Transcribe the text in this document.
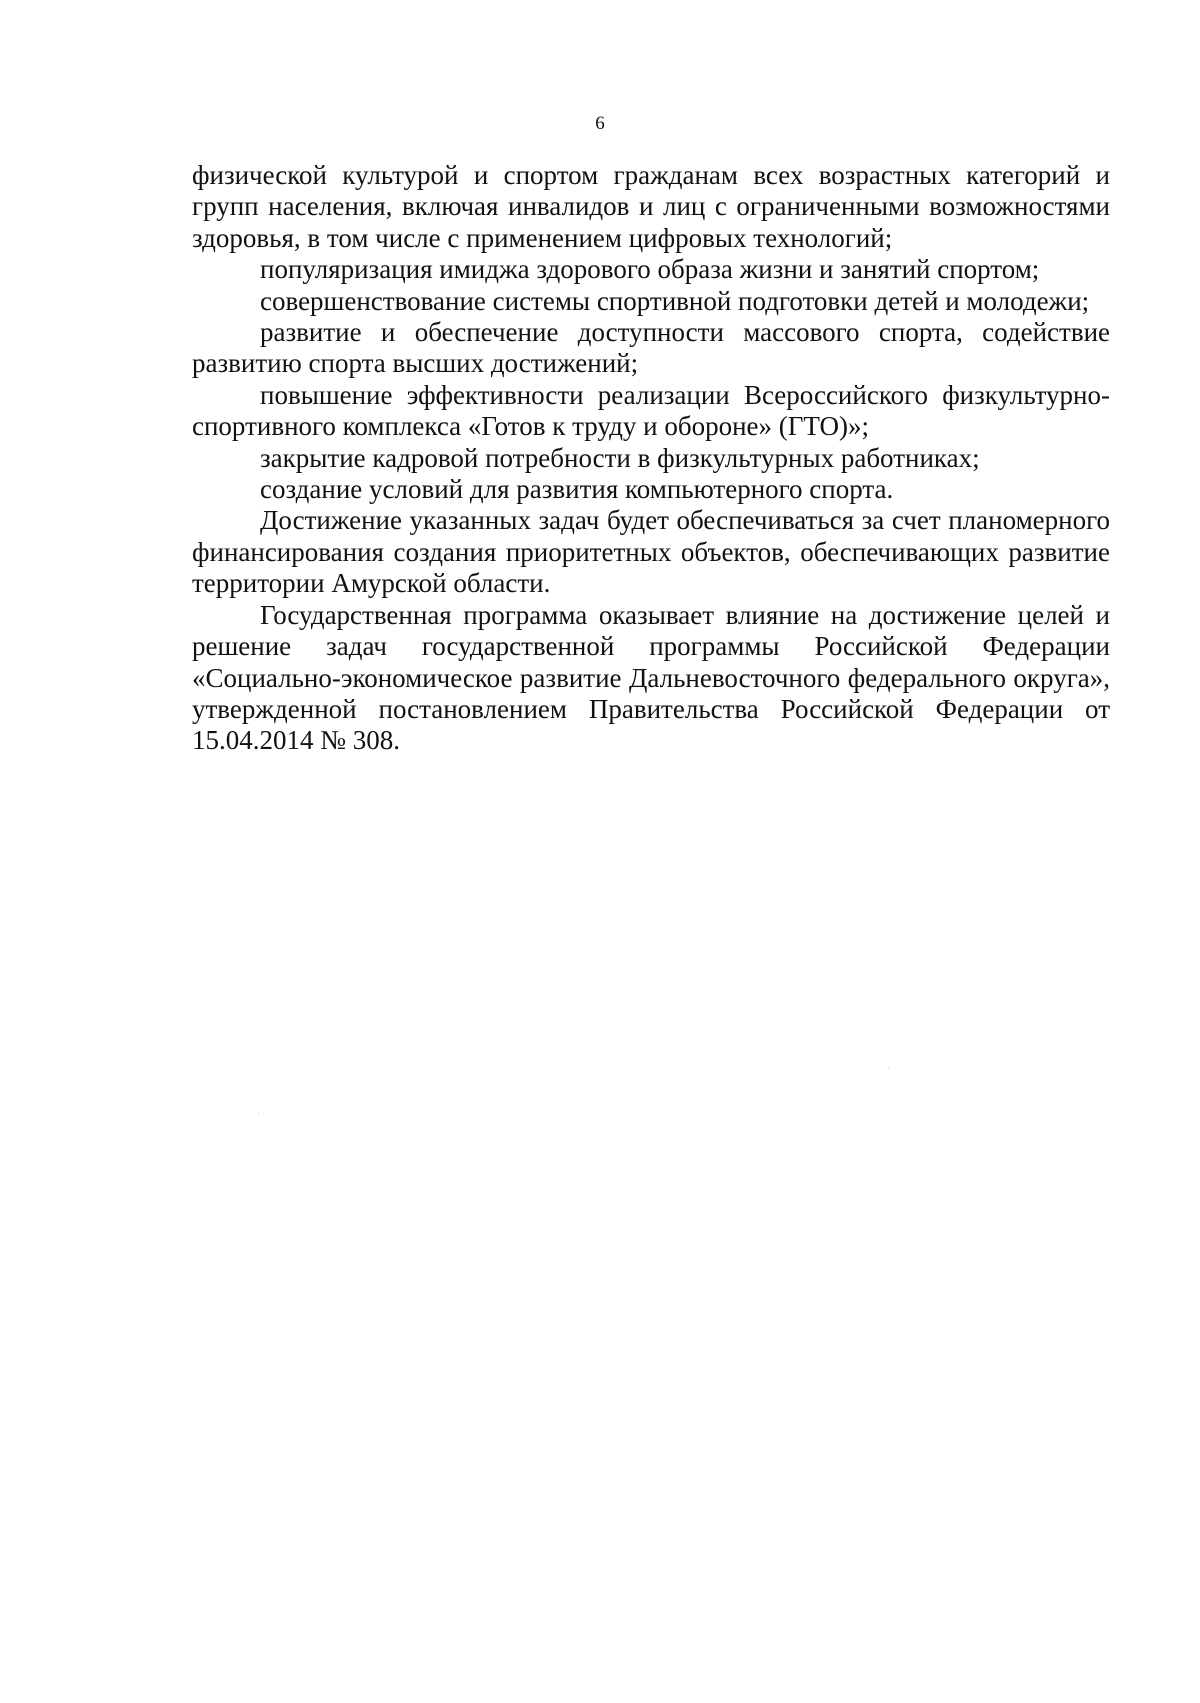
6

физической культурой и спортом гражданам всех возрастных категорий и групп населения, включая инвалидов и лиц с ограниченными возможностями здоровья, в том числе с применением цифровых технологий;

популяризация имиджа здорового образа жизни и занятий спортом;

совершенствование системы спортивной подготовки детей и молодежи;

развитие и обеспечение доступности массового спорта, содействие развитию спорта высших достижений;

повышение эффективности реализации Всероссийского физкультурно-спортивного комплекса «Готов к труду и обороне» (ГТО)»;

закрытие кадровой потребности в физкультурных работниках;

создание условий для развития компьютерного спорта.

Достижение указанных задач будет обеспечиваться за счет планомерного финансирования создания приоритетных объектов, обеспечивающих развитие территории Амурской области.

Государственная программа оказывает влияние на достижение целей и решение задач государственной программы Российской Федерации «Социально-экономическое развитие Дальневосточного федерального округа», утвержденной постановлением Правительства Российской Федерации от 15.04.2014 № 308.
